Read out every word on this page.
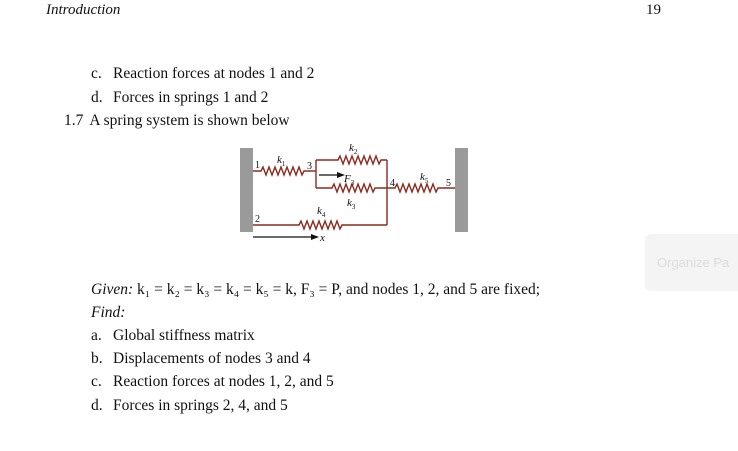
Introduction	19
c. Reaction forces at nodes 1 and 2
d. Forces in springs 1 and 2
1.7 A spring system is shown below
1
2
3
4	5
$k_1$
$k_2$
$k_3$
$k_4$
$k_5$
$F_3$
x
Given: k₁ = k₂ = k₃ = k₄ = k₅ = k, F₃ = P, and nodes 1, 2, and 5 are fixed;
Find:
a. Global stiffness matrix
b. Displacements of nodes 3 and 4
c. Reaction forces at nodes 1, 2, and 5
d. Forces in springs 2, 4, and 5
Organize Pa
